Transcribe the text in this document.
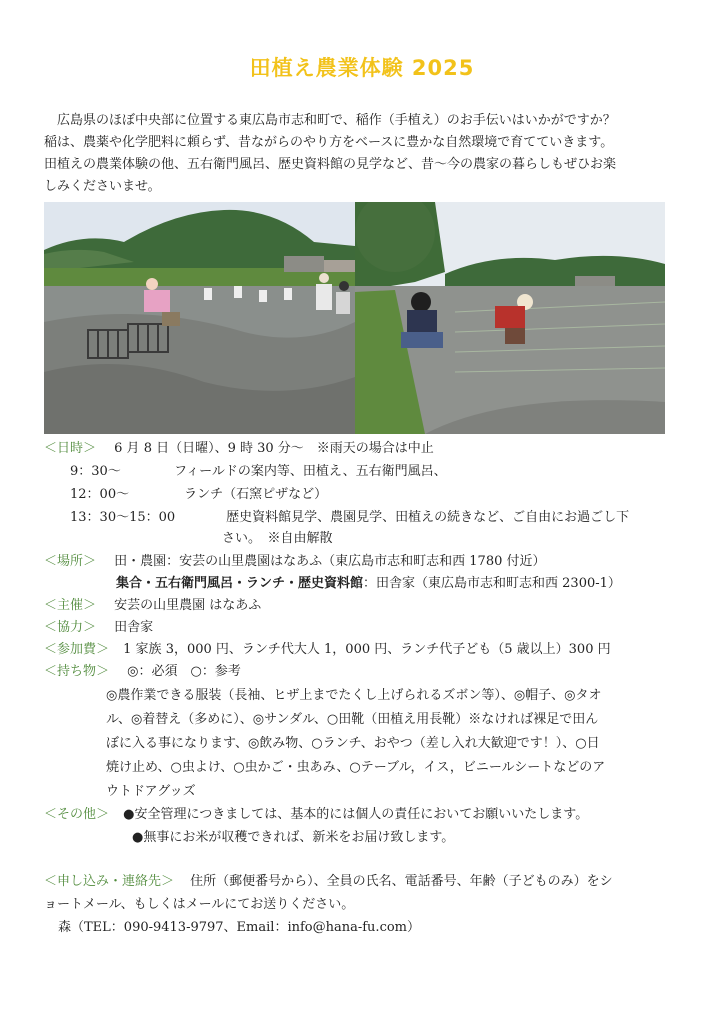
田植え農業体験 2025
　広島県のほぼ中央部に位置する東広島市志和町で、稲作（手植え）のお手伝いはいかがですか？
稲は、農薬や化学肥料に頼らず、昔ながらのやり方をベースに豊かな自然環境で育てていきます。
田植えの農業体験の他、五右衛門風呂、歴史資料館の見学など、昔〜今の農家の暮らしもぜひお楽
しみくださいませ。
＜日時＞ 6 月 8 日（日曜）、9 時 30 分〜　※雨天の場合は中止
9：30〜	フィールドの案内等、田植え、五右衛門風呂、
12：00〜	ランチ（石窯ピザなど）
13：30〜15：00	歴史資料館見学、農園見学、田植えの続きなど、ご自由にお過ごし下
さい。　※自由解散
＜場所＞ 田・農園：安芸の山里農園はなあふ（東広島市志和町志和西 1780 付近）
集合・五右衛門風呂・ランチ・歴史資料館：田舎家（東広島市志和町志和西 2300-1）
＜主催＞ 安芸の山里農園 はなあふ
＜協力＞ 田舎家
＜参加費＞ 1 家族 3，000 円、ランチ代大人 1，000 円、ランチ代子ども（5 歳以上）300 円
＜持ち物＞ ◎：必須　○：参考
◎農作業できる服装（長袖、ヒザ上までたくし上げられるズボン等）、◎帽子、◎タオ
ル、◎着替え（多めに）、◎サンダル、○田靴（田植え用長靴）※なければ裸足で田ん
ぼに入る事になります、◎飲み物、○ランチ、おやつ（差し入れ大歓迎です！）、○日
焼け止め、○虫よけ、○虫かご・虫あみ、○テーブル，イス，ビニールシートなどのア
ウトドアグッズ
＜その他＞ ●安全管理につきましては、基本的には個人の責任においてお願いいたします。
●無事にお米が収穫できれば、新米をお届け致します。
＜申し込み・連絡先＞ 住所（郵便番号から）、全員の氏名、電話番号、年齢（子どものみ）をシ
ョートメール、もしくはメールにてお送りください。
森（TEL：090-9413-9797、Email：info@hana-fu.com）
